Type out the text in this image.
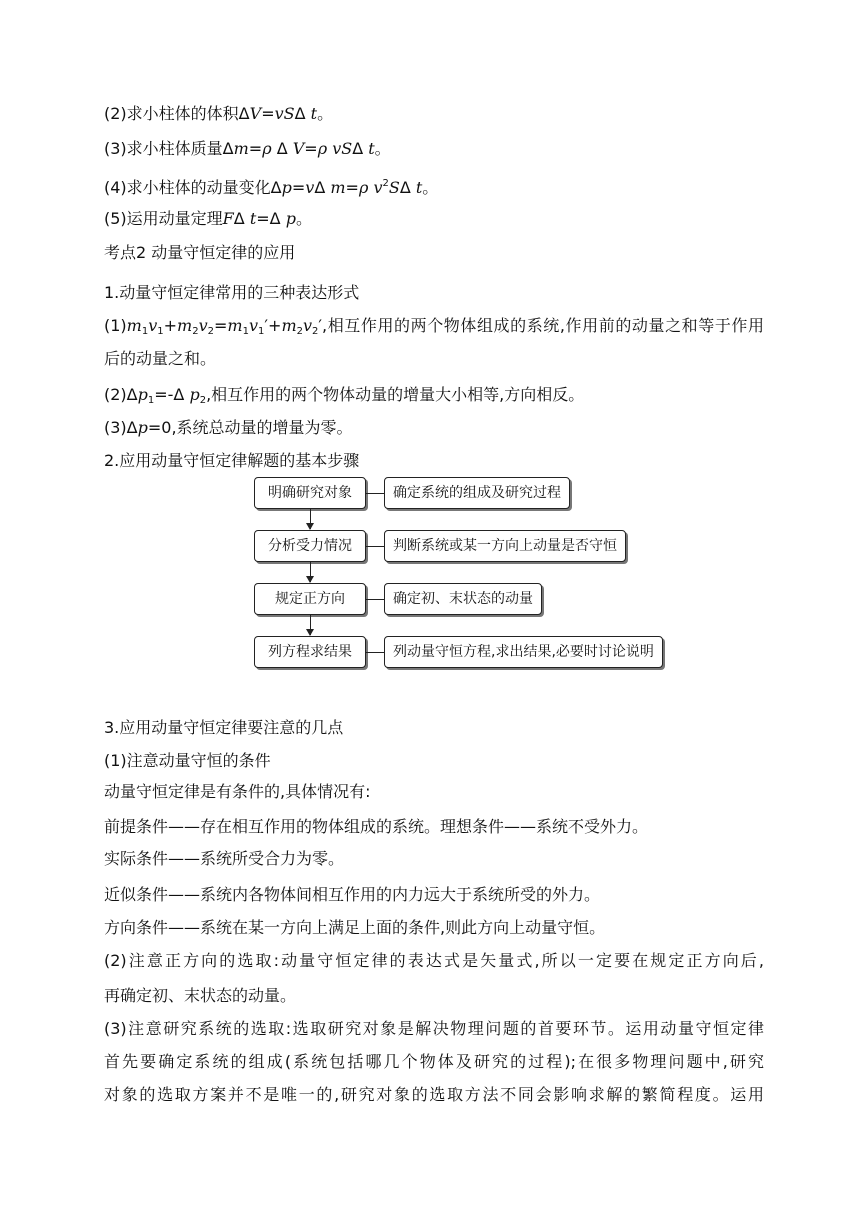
(2)求小柱体的体积ΔV=vSΔ t。
(3)求小柱体质量Δm=ρ Δ V=ρ vSΔ t。
(4)求小柱体的动量变化Δp=vΔ m=ρ $v^2S\Delta$ t。
(5)运用动量定理FΔ t=Δ p。
考点2 动量守恒定律的应用
1.动量守恒定律常用的三种表达形式
$(1)m_1v_1+m_2v_2=m_1v_1'+m_2v_2'$,相互作用的两个物体组成的系统,作用前的动量之和等于作用
后的动量之和。
$(2)\Delta p_1=-\Delta$ $p_2$,相互作用的两个物体动量的增量大小相等,方向相反。
(3)Δp=0,系统总动量的增量为零。
2.应用动量守恒定律解题的基本步骤
明确研究对象	确定系统的组成及研究过程
分析受力情况	判断系统或某一方向上动量是否守恒
规定正方向	确定初、末状态的动量
列方程求结果	列动量守恒方程,求出结果,必要时讨论说明
3.应用动量守恒定律要注意的几点
(1)注意动量守恒的条件
动量守恒定律是有条件的,具体情况有:
前提条件——存在相互作用的物体组成的系统。理想条件——系统不受外力。
实际条件——系统所受合力为零。
近似条件——系统内各物体间相互作用的内力远大于系统所受的外力。
方向条件——系统在某一方向上满足上面的条件,则此方向上动量守恒。
(2)注意正方向的选取:动量守恒定律的表达式是矢量式,所以一定要在规定正方向后,
再确定初、末状态的动量。
(3)注意研究系统的选取:选取研究对象是解决物理问题的首要环节。运用动量守恒定律
首先要确定系统的组成(系统包括哪几个物体及研究的过程);在很多物理问题中,研究
对象的选取方案并不是唯一的,研究对象的选取方法不同会影响求解的繁简程度。运用
